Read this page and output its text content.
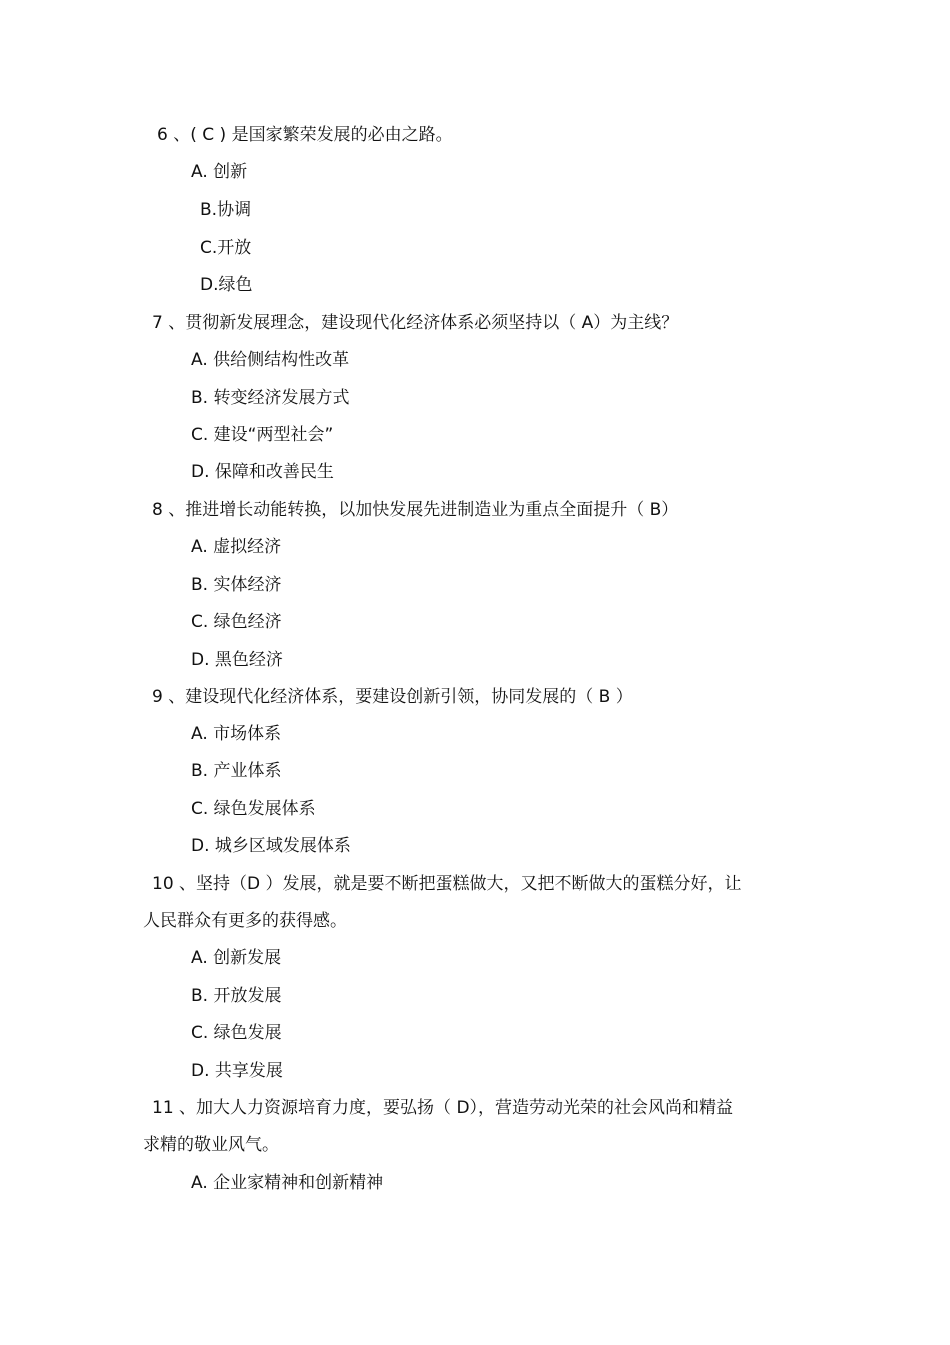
6 、( C ) 是国家繁荣发展的必由之路。
A. 创新
B.协调
C.开放
D.绿色
7 、贯彻新发展理念，建设现代化经济体系必须坚持以（ A）为主线？
A. 供给侧结构性改革
B. 转变经济发展方式
C. 建设“两型社会”
D. 保障和改善民生
8 、推进增长动能转换，以加快发展先进制造业为重点全面提升（ B）
A. 虚拟经济
B. 实体经济
C. 绿色经济
D. 黑色经济
9 、建设现代化经济体系，要建设创新引领，协同发展的（ B ）
A. 市场体系
B. 产业体系
C. 绿色发展体系
D. 城乡区域发展体系
10 、坚持（D ）发展，就是要不断把蛋糕做大，又把不断做大的蛋糕分好，让
人民群众有更多的获得感。
A. 创新发展
B. 开放发展
C. 绿色发展
D. 共享发展
11 、加大人力资源培育力度，要弘扬（ D），营造劳动光荣的社会风尚和精益
求精的敬业风气。
A. 企业家精神和创新精神
